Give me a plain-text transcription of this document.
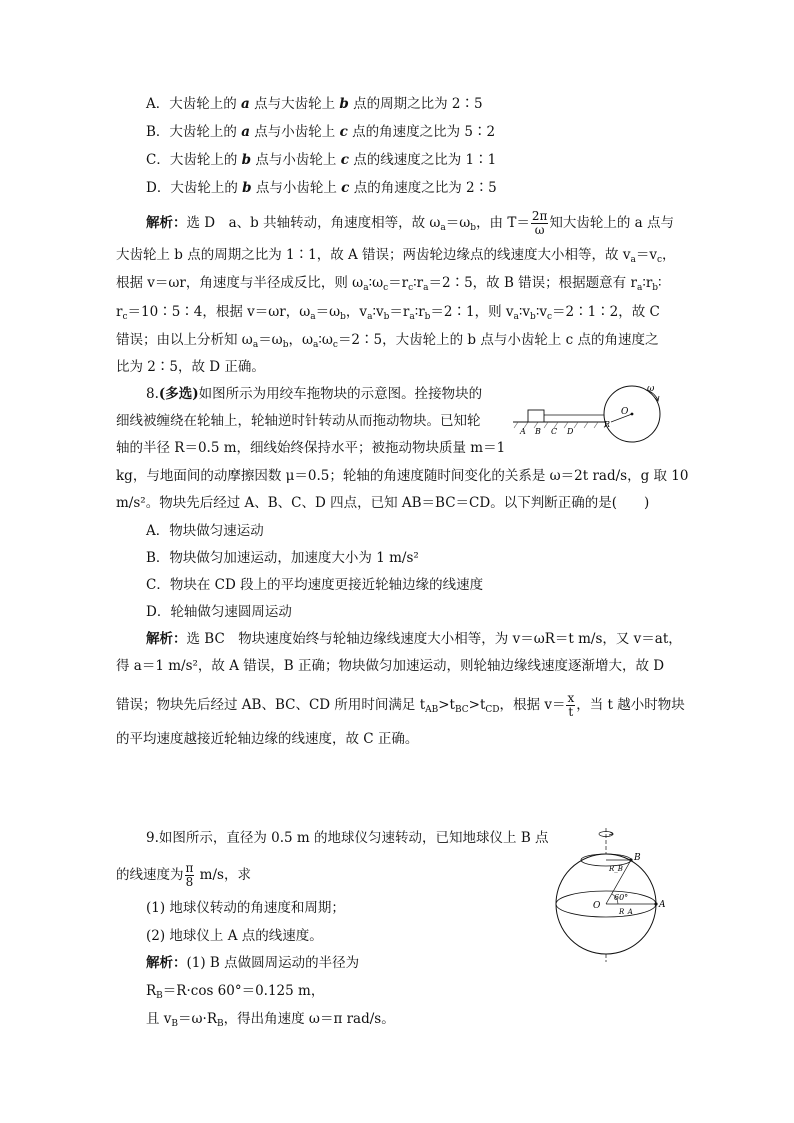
A．大齿轮上的 a 点与大齿轮上 b 点的周期之比为 2∶5
B．大齿轮上的 a 点与小齿轮上 c 点的角速度之比为 5∶2
C．大齿轮上的 b 点与小齿轮上 c 点的线速度之比为 1∶1
D．大齿轮上的 b 点与小齿轮上 c 点的角速度之比为 2∶5
解析：选 D　a、b 共轴转动，角速度相等，故 $\omega_a=\omega_b$，由 $T= \frac{2\pi}{\omega}$ 知大齿轮上的 a 点与
大齿轮上 b 点的周期之比为 1∶1，故 A 错误；两齿轮边缘点的线速度大小相等，故 $v_a=v_c$，
根据 v＝ωr，角速度与半径成反比，则 $\omega_a∶\omega_c=r_c∶r_a=2∶5$，故 B 错误；根据题意有 $r_a∶r_b∶$
$r_c=10∶5∶4$，根据 v＝ωr，$\omega_a=\omega_b$，$v_a∶v_b=r_a∶r_b=2∶1$，则 $v_a∶v_b∶v_c=2∶1∶2$，故 C
错误；由以上分析知 $\omega_a=\omega_b$，$\omega_a∶\omega_c=2∶5$，大齿轮上的 b 点与小齿轮上 c 点的角速度之
比为 2∶5，故 D 正确。
8.(多选)如图所示为用绞车拖物块的示意图。拴接物块的
细线被缠绕在轮轴上，轮轴逆时针转动从而拖动物块。已知轮
轴的半径 R＝0.5 m，细线始终保持水平；被拖动物块质量 m＝1
kg，与地面间的动摩擦因数 μ＝0.5；轮轴的角速度随时间变化的关系是 ω＝2t rad/s，g 取 10
m/s²。物块先后经过 A、B、C、D 四点，已知 AB＝BC＝CD。以下判断正确的是(　　)
ω
O
R
A B C D
A．物块做匀速运动
B．物块做匀加速运动，加速度大小为 1 m/s²
C．物块在 CD 段上的平均速度更接近轮轴边缘的线速度
D．轮轴做匀速圆周运动
解析：选 BC　物块速度始终与轮轴边缘线速度大小相等，为 v＝ωR＝t m/s，又 v＝at，
得 a＝1 m/s²，故 A 错误，B 正确；物块做匀加速运动，则轮轴边缘线速度逐渐增大，故 D
错误；物块先后经过 AB、BC、CD 所用时间满足 $t_{AB}>t_{BC}>t_{CD}$，根据 $v= \frac{x}{t}$ ，当 t 越小时物块
的平均速度越接近轮轴边缘的线速度，故 C 正确。
9.如图所示，直径为 0.5 m 的地球仪匀速转动，已知地球仪上 B 点
的线速度为 $\frac{\pi}{8} m/s$，求
(1) 地球仪转动的角速度和周期；
(2) 地球仪上 A 点的线速度。
解析：(1) B 点做圆周运动的半径为
$R_B=R\cdot\cos$ 60°＝0.125 m，
且 $v_B=\omega\cdot R_B$，得出角速度 ω＝π rad/s。
B
R_B
O
60°
R_A
A
